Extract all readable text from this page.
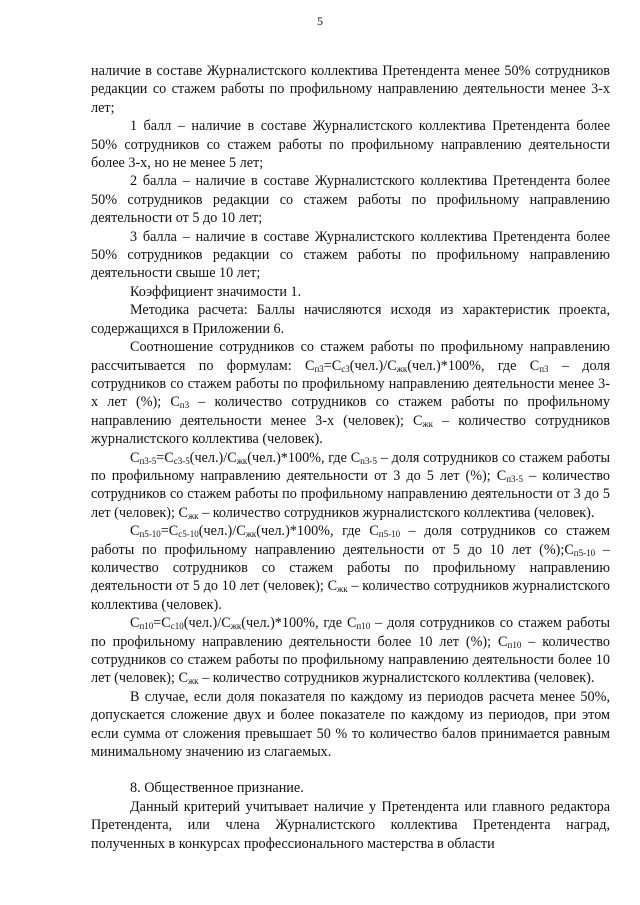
5

наличие в составе Журналистского коллектива Претендента менее 50% сотрудников редакции со стажем работы по профильному направлению деятельности менее 3-х лет;

1 балл – наличие в составе Журналистского коллектива Претендента более 50% сотрудников со стажем работы по профильному направлению деятельности более 3-х, но не менее 5 лет;

2 балла – наличие в составе Журналистского коллектива Претендента более 50% сотрудников редакции со стажем работы по профильному направлению деятельности от 5 до 10 лет;

3 балла – наличие в составе Журналистского коллектива Претендента более 50% сотрудников редакции со стажем работы по профильному направлению деятельности свыше 10 лет;

Коэффициент значимости 1.

Методика расчета: Баллы начисляются исходя из характеристик проекта, содержащихся в Приложении 6.

Соотношение сотрудников со стажем работы по профильному направлению рассчитывается по формулам: $С_{п3}=С_{с3}(чел.)/С_{жк}(чел.)*100\%$, где $С_{п3}$ – доля сотрудников со стажем работы по профильному направлению деятельности менее 3-х лет (%); $С_{п3}$ – количество сотрудников со стажем работы по профильному направлению деятельности менее 3-х (человек); $С_{жк}$ – количество сотрудников журналистского коллектива (человек).

$С_{п3-5}=С_{с3-5}(чел.)/С_{жк}(чел.)*100\%$, где $С_{п3-5}$ – доля сотрудников со стажем работы по профильному направлению деятельности от 3 до 5 лет (%); $С_{п3-5}$ – количество сотрудников со стажем работы по профильному направлению деятельности от 3 до 5 лет (человек); $С_{жк}$ – количество сотрудников журналистского коллектива (человек).

$С_{п5-10}=С_{с5-10}(чел.)/С_{жк}(чел.)*100\%$, где $С_{п5-10}$ – доля сотрудников со стажем работы по профильному направлению деятельности от 5 до 10 лет $(\%);С_{п5-10}$ – количество сотрудников со стажем работы по профильному направлению деятельности от 5 до 10 лет (человек); $С_{жк}$ – количество сотрудников журналистского коллектива (человек).

$С_{п10}=С_{с10}(чел.)/С_{жк}(чел.)*100\%$, где $С_{п10}$ – доля сотрудников со стажем работы по профильному направлению деятельности более 10 лет (%); $С_{п10}$ – количество сотрудников со стажем работы по профильному направлению деятельности более 10 лет (человек); $С_{жк}$ – количество сотрудников журналистского коллектива (человек).

В случае, если доля показателя по каждому из периодов расчета менее 50%, допускается сложение двух и более показателе по каждому из периодов, при этом если сумма от сложения превышает 50 % то количество балов принимается равным минимальному значению из слагаемых.

8. Общественное признание.

Данный критерий учитывает наличие у Претендента или главного редактора Претендента, или члена Журналистского коллектива Претендента наград, полученных в конкурсах профессионального мастерства в области
